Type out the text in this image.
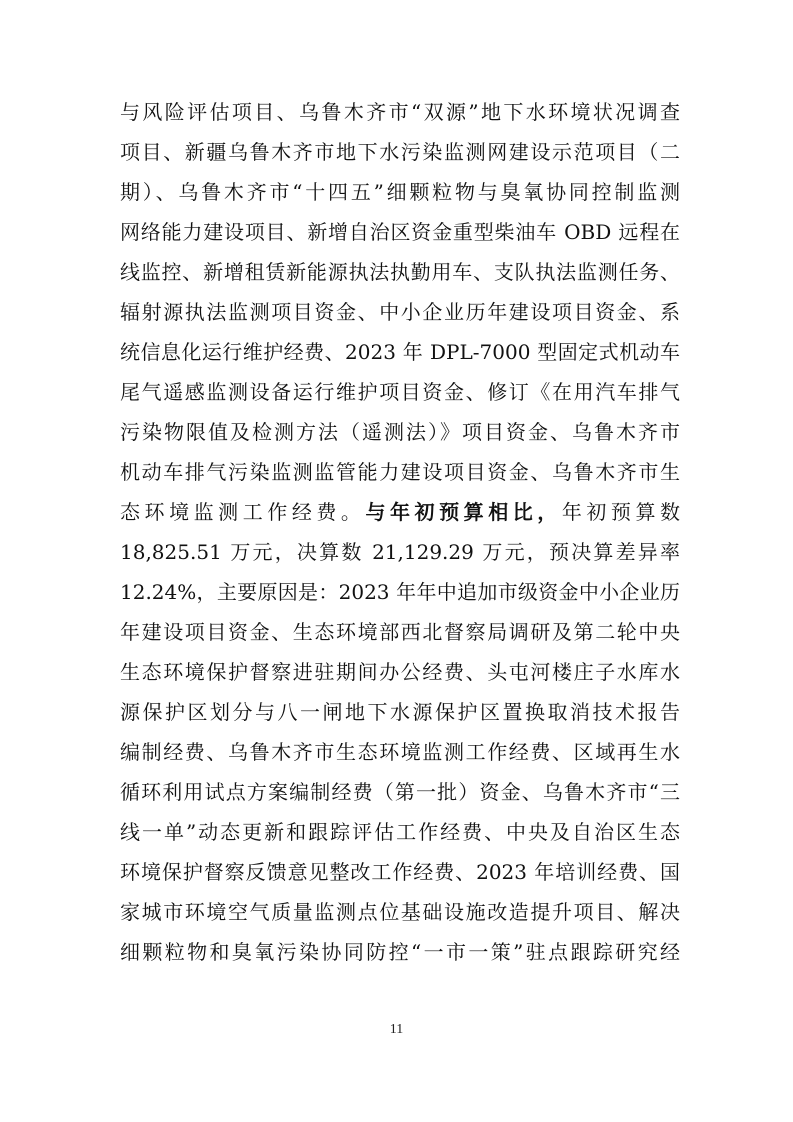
与风险评估项目、乌鲁木齐市“双源”地下水环境状况调查
项目、新疆乌鲁木齐市地下水污染监测网建设示范项目（二
期）、乌鲁木齐市“十四五”细颗粒物与臭氧协同控制监测
网络能力建设项目、新增自治区资金重型柴油车 OBD 远程在
线监控、新增租赁新能源执法执勤用车、支队执法监测任务、
辐射源执法监测项目资金、中小企业历年建设项目资金、系
统信息化运行维护经费、2023 年 DPL-7000 型固定式机动车
尾气遥感监测设备运行维护项目资金、修订《在用汽车排气
污染物限值及检测方法（遥测法）》项目资金、乌鲁木齐市
机动车排气污染监测监管能力建设项目资金、乌鲁木齐市生
态环境监测工作经费。与年初预算相比，年初预算数
18,825.51 万元，决算数 21,129.29 万元，预决算差异率
12.24%，主要原因是：2023 年年中追加市级资金中小企业历
年建设项目资金、生态环境部西北督察局调研及第二轮中央
生态环境保护督察进驻期间办公经费、头屯河楼庄子水库水
源保护区划分与八一闸地下水源保护区置换取消技术报告
编制经费、乌鲁木齐市生态环境监测工作经费、区域再生水
循环利用试点方案编制经费（第一批）资金、乌鲁木齐市“三
线一单”动态更新和跟踪评估工作经费、中央及自治区生态
环境保护督察反馈意见整改工作经费、2023 年培训经费、国
家城市环境空气质量监测点位基础设施改造提升项目、解决
细颗粒物和臭氧污染协同防控“一市一策”驻点跟踪研究经
11
